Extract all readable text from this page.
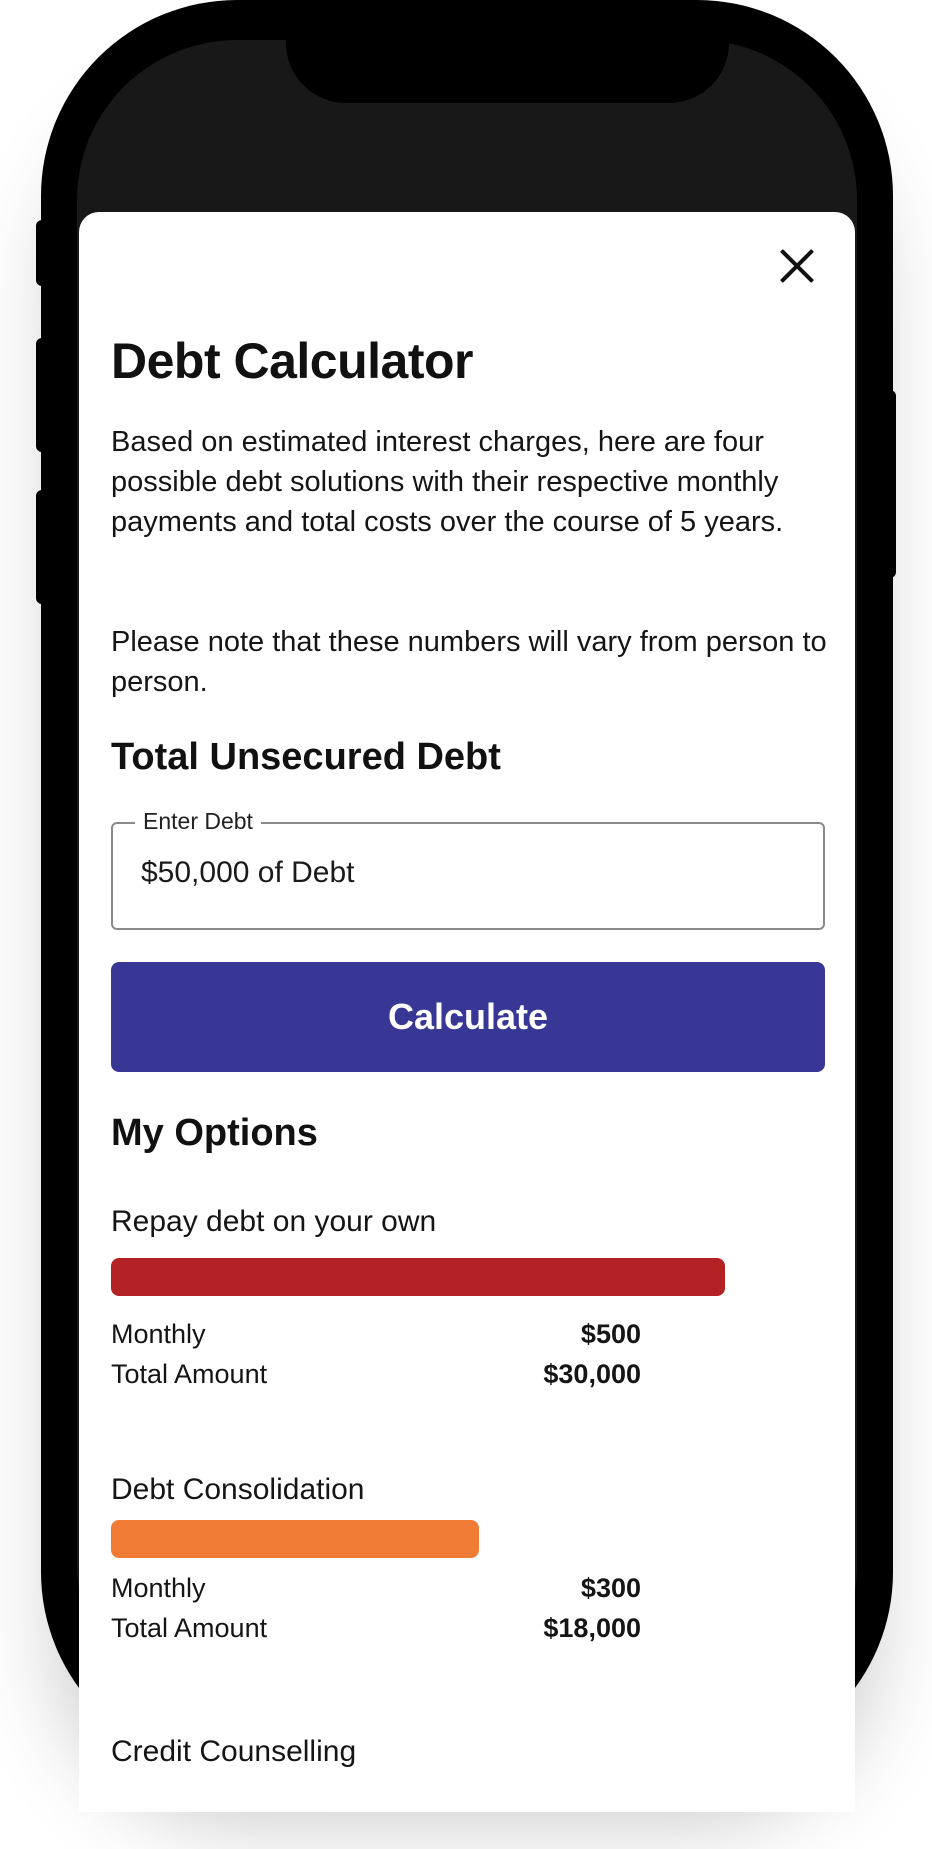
Debt Calculator

Based on estimated interest charges, here are four possible debt solutions with their respective monthly payments and total costs over the course of 5 years.

Please note that these numbers will vary from person to person.

Total Unsecured Debt
Enter Debt
$50,000 of Debt
Calculate
My Options

Repay debt on your own

Monthly	$500
Total Amount	$30,000

Debt Consolidation

Monthly	$300
Total Amount	$18,000

Credit Counselling
